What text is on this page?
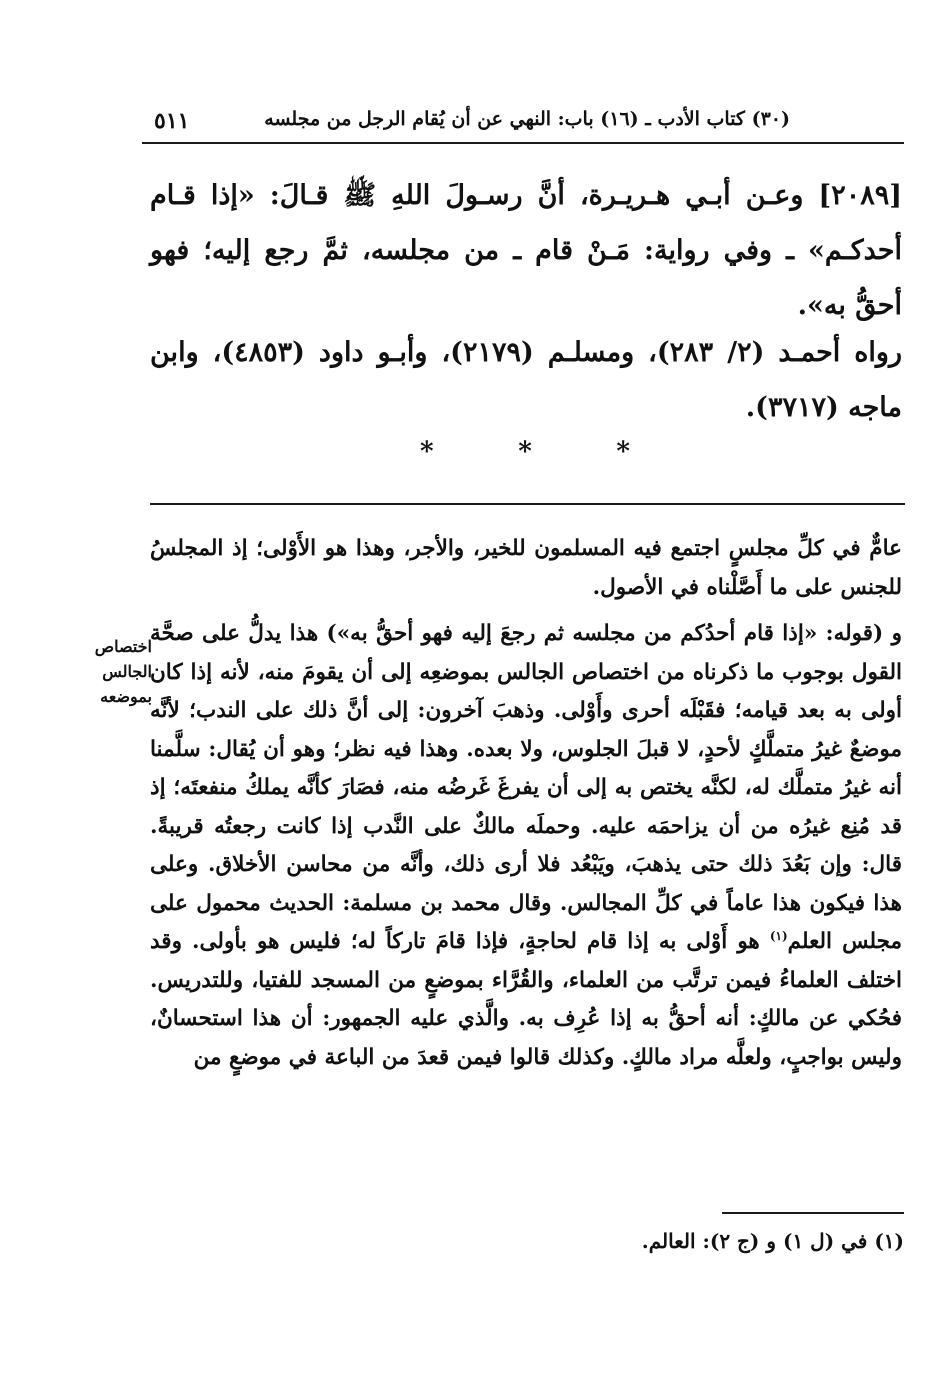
(٣٠) كتاب الأدب ـ (١٦) باب: النهي عن أن يُقام الرجل من مجلسه
٥١١
[٢٠٨٩] وعـن أبـي هـريـرة، أنَّ رسـولَ اللهِ ﷺ قـالَ: «إذا قـام أحدكـم» ـ وفي رواية: مَـنْ قام ـ من مجلسه، ثمَّ رجع إليه؛ فهو أحقُّ به».
رواه أحمـد (٢/ ٢٨٣)، ومسلـم (٢١٧٩)، وأبـو داود (٤٨٥٣)، وابن ماجه (٣٧١٧).
*	*	*

عامٌّ في كلِّ مجلسٍ اجتمع فيه المسلمون للخير، والأجر، وهذا هو الأَوْلى؛ إذ المجلسُ للجنس على ما أَصَّلْناه في الأصول.

و (قوله: «إذا قام أحدُكم من مجلسه ثم رجعَ إليه فهو أحقُّ به») هذا يدلُّ على صحَّة القول بوجوب ما ذكرناه من اختصاص الجالس بموضعِه إلى أن يقومَ منه، لأنه إذا كان أولى به بعد قيامه؛ فقَبْلَه أحرى وأَوْلى. وذهبَ آخرون: إلى أنَّ ذلك على الندب؛ لأنَّه موضعٌ غيرُ متملَّكٍ لأحدٍ، لا قبلَ الجلوس، ولا بعده. وهذا فيه نظر؛ وهو أن يُقال: سلَّمنا أنه غيرُ متملَّك له، لكنَّه يختص به إلى أن يفرغَ غَرضُه منه، فصَارَ كأنَّه يملكُ منفعتَه؛ إذ قد مُنِع غيرُه من أن يزاحمَه عليه. وحملَه مالكٌ على النَّدب إذا كانت رجعتُه قريبةً. قال: وإن بَعُدَ ذلك حتى يذهبَ، ويَبْعُد فلا أرى ذلك، وأنَّه من محاسن الأخلاق. وعلى هذا فيكون هذا عاماً في كلِّ المجالس. وقال محمد بن مسلمة: الحديث محمول على مجلس العلم$^{(١)}$ هو أَوْلى به إذا قام لحاجةٍ، فإذا قامَ تاركاً له؛ فليس هو بأولى. وقد اختلف العلماءُ فيمن ترتَّب من العلماء، والقُرَّاء بموضعٍ من المسجد للفتيا، وللتدريس. فحُكي عن مالكٍ: أنه أحقُّ به إذا عُرِف به. والَّذي عليه الجمهور: أن هذا استحسانٌ، وليس بواجبٍ، ولعلَّه مراد مالكٍ. وكذلك قالوا فيمن قعدَ من الباعة في موضعٍ من

اختصاص الجالس بموضعه
(١) في (ل ١) و (ج ٢): العالم.
